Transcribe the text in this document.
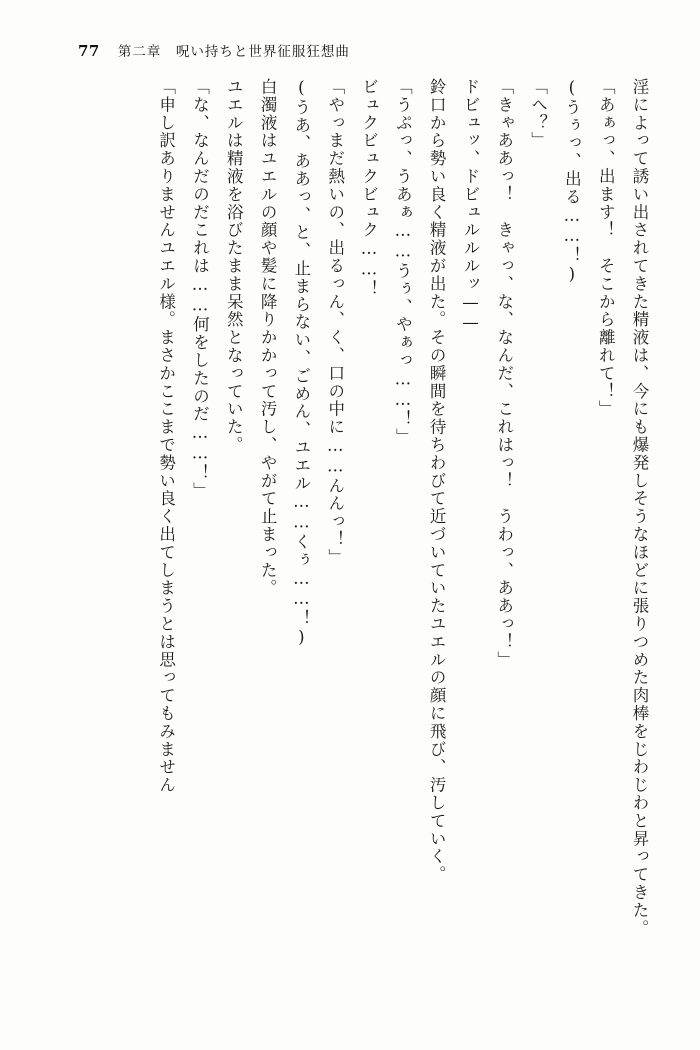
77 第二章　呪い持ちと世界征服狂想曲

淫によって誘い出されてきた精液は、今にも爆発しそうなほどに張りつめた肉棒をじわじわと昇ってきた。

「あぁっ、出ます！　そこから離れて！」

(うぅっ、出る……！)

「へ？」

「きゃああっ！　きゃっ、な、なんだ、これはっ！　うわっ、ああっ！」

ドビュッ、ドビュルルルッ——

鈴口から勢い良く精液が出た。その瞬間を待ちわびて近づいていたユエルの顔に飛び、汚していく。

「うぷっ、うあぁ……うぅ、やぁっ……！」

ビュクビュクビュク……！

「やっまだ熱いの、出るっん、く、口の中に……んんっ！」

(うあ、ああっ、と、止まらない、ごめん、ユエル……くぅ……！)

白濁液はユエルの顔や髪に降りかかって汚し、やがて止まった。

ユエルは精液を浴びたまま呆然となっていた。

「な、なんだのだこれは……何をしたのだ……！」

「申し訳ありませんユエル様。まさかここまで勢い良く出てしまうとは思ってもみません
